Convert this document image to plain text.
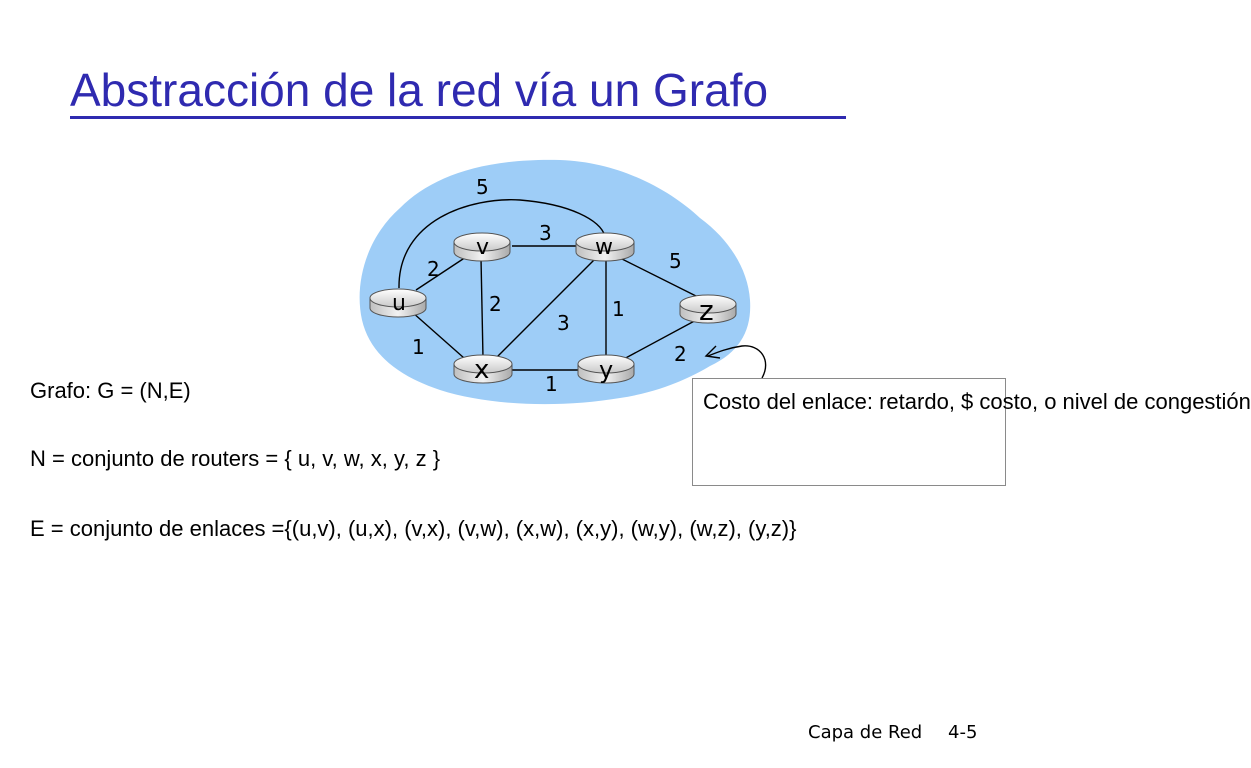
Abstracción de la red vía un Grafo
5
3
2	5
2	1
3
1	2
1
u
v	w
x	y
z
Grafo: G = (N,E)
N = conjunto de routers = { u, v, w, x, y, z }
E = conjunto de enlaces ={(u,v), (u,x), (v,x), (v,w), (x,w), (x,y), (w,y), (w,z), (y,z)}
Costo del enlace: retardo, $ costo, o nivel de congestión
Capa de Red 4-5
